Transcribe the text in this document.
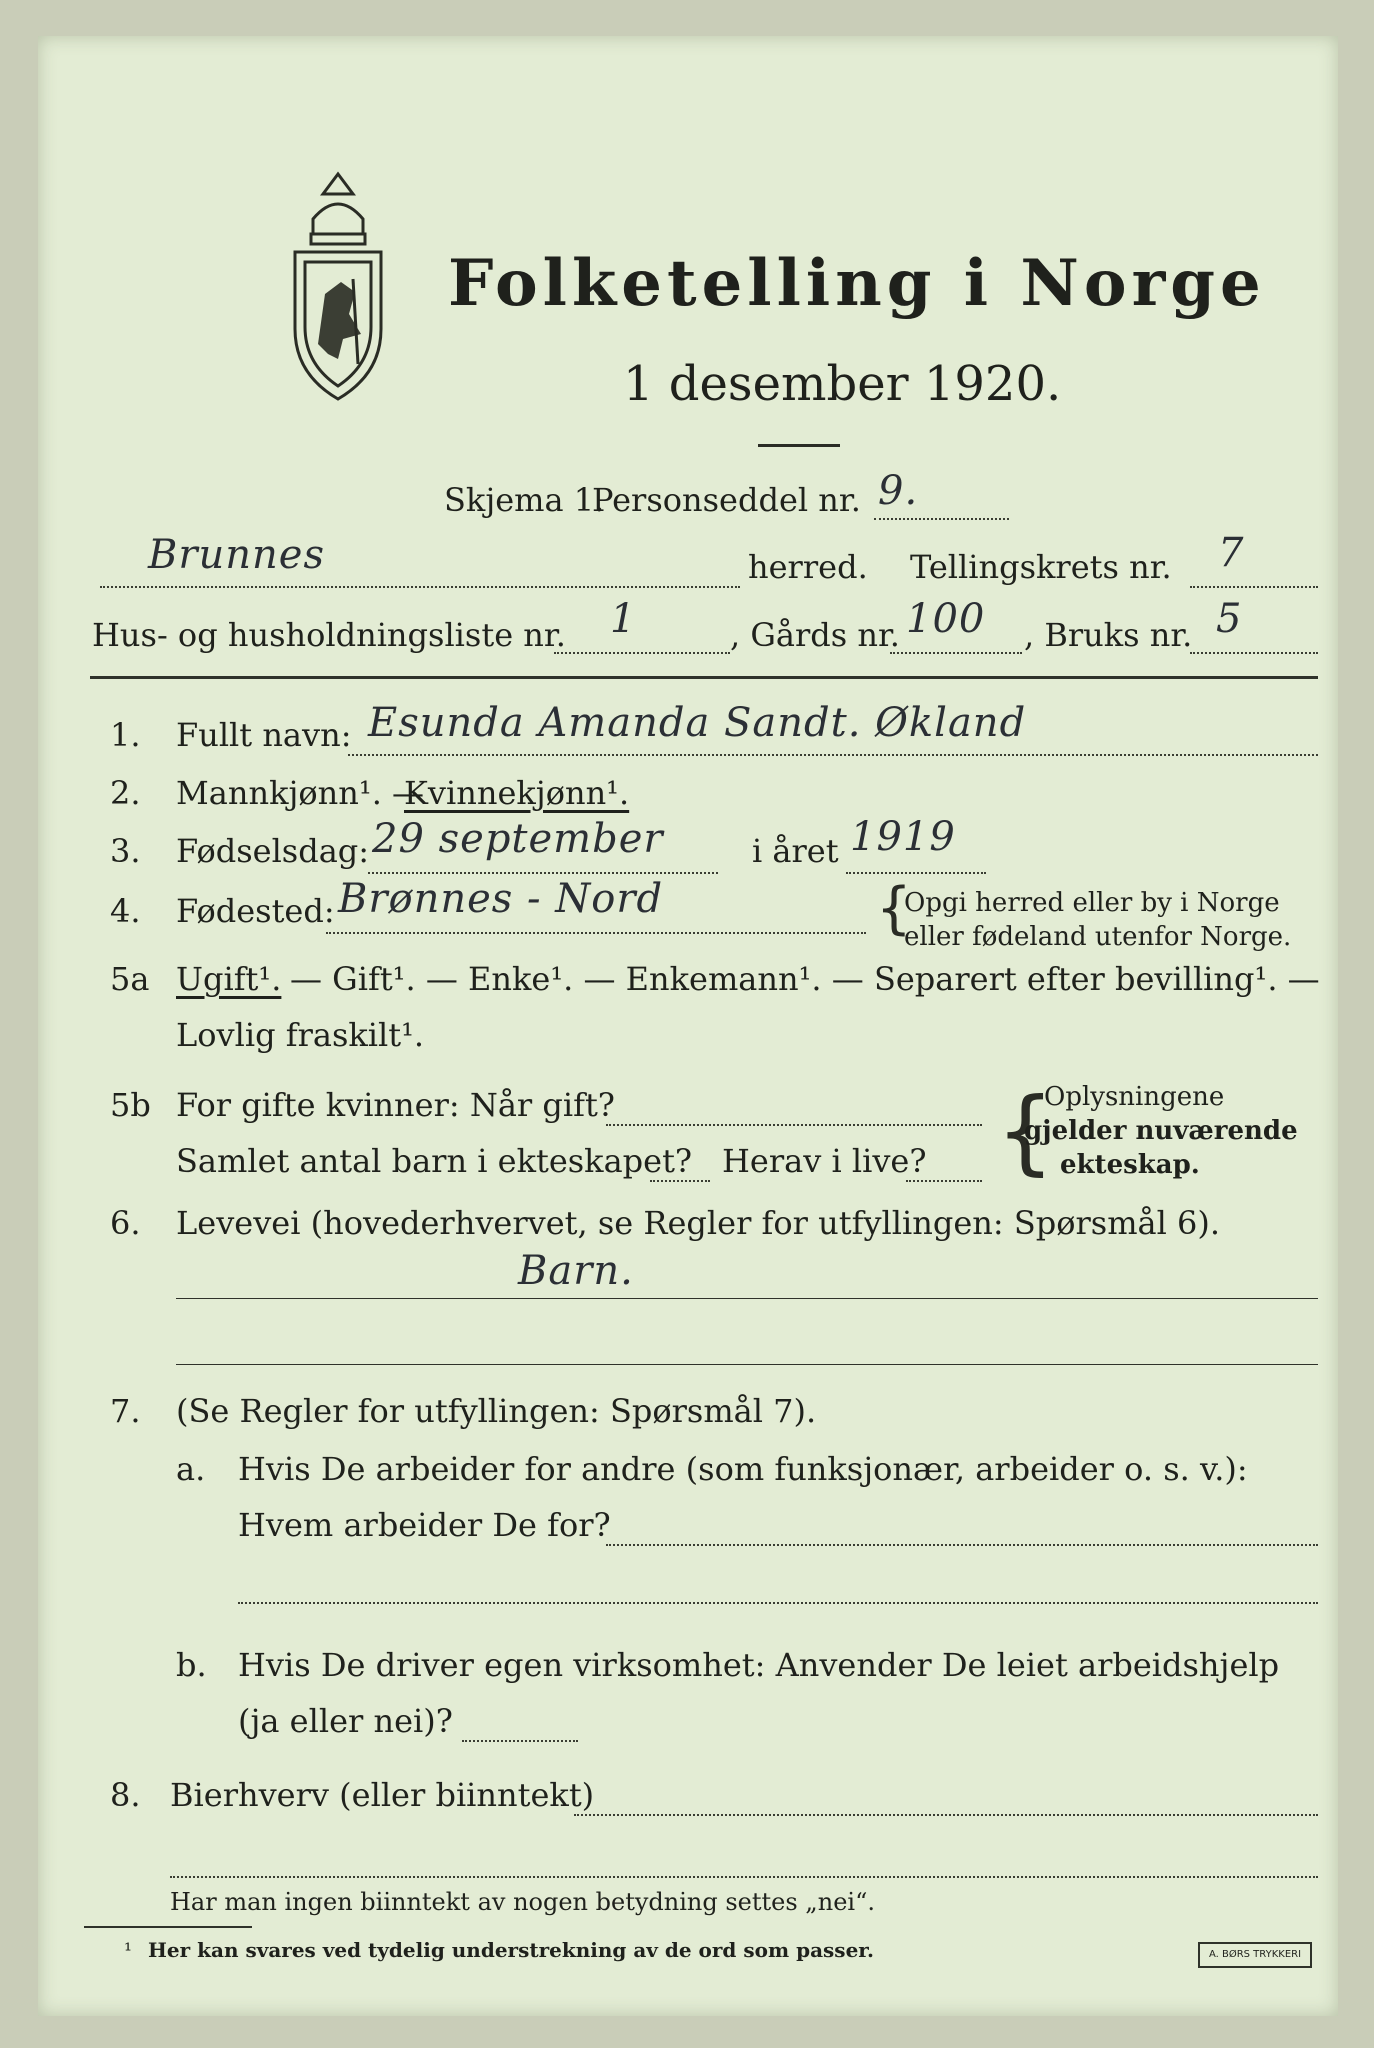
Folketelling i Norge
1 desember 1920.
Skjema 1.
Personseddel nr. 9.
Brunnes	herred. Tellingskrets nr. 7
Hus- og husholdningsliste nr. 1	, Gårds nr. 100 , Bruks nr. 5
1. Fullt navn: Esunda Amanda Sandt. Økland
2. Mannkjønn¹. —
Kvinnekjønn¹.
3. Fødselsdag: 29 september	i året 1919
4. Fødested: Brønnes - Nord	{
Opgi herred eller by i Norge
eller fødeland utenfor Norge.
5a Ugift¹. — Gift¹. — Enke¹. — Enkemann¹. — Separert efter bevilling¹. —
Lovlig fraskilt¹.
5b For gifte kvinner: Når gift?
Samlet antal barn i ekteskapet? Herav i live? {
Oplysningene
gjelder nuværende
ekteskap.
6. Levevei (hovederhvervet, se Regler for utfyllingen: Spørsmål 6).
Barn.
7. (Se Regler for utfyllingen: Spørsmål 7).
a. Hvis De arbeider for andre (som funksjonær, arbeider o. s. v.):
Hvem arbeider De for?
b. Hvis De driver egen virksomhet: Anvender De leiet arbeidshjelp
(ja eller nei)?
8. Bierhverv (eller biinntekt)
Har man ingen biinntekt av nogen betydning settes „nei“.
¹ Her kan svares ved tydelig understrekning av de ord som passer.	A. BØRS TRYKKERI
